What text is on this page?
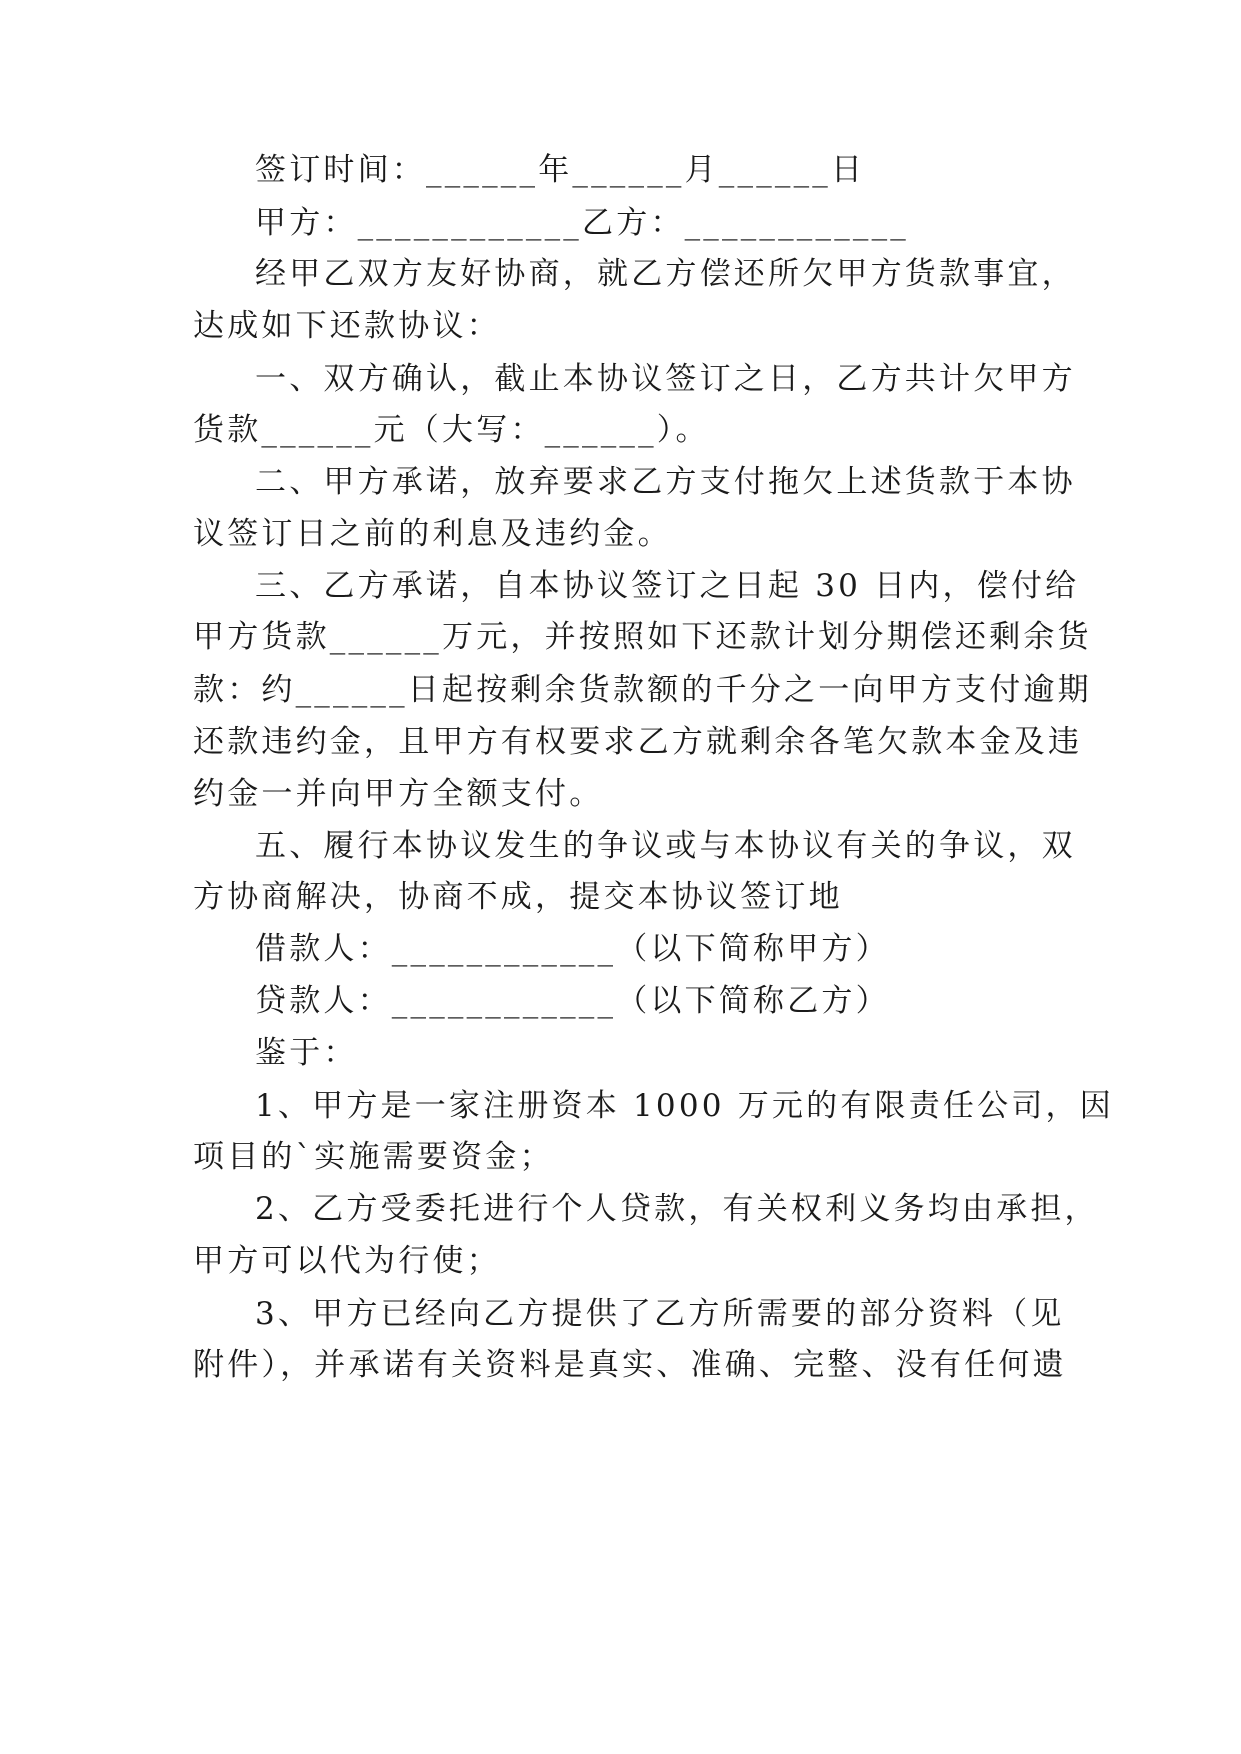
签订时间：______年______月______日
甲方：____________乙方：____________
经甲乙双方友好协商，就乙方偿还所欠甲方货款事宜，
达成如下还款协议：
一、双方确认，截止本协议签订之日，乙方共计欠甲方
货款______元（大写：______）。
二、甲方承诺，放弃要求乙方支付拖欠上述货款于本协
议签订日之前的利息及违约金。
三、乙方承诺，自本协议签订之日起 30 日内，偿付给
甲方货款______万元，并按照如下还款计划分期偿还剩余货
款：约______日起按剩余货款额的千分之一向甲方支付逾期
还款违约金，且甲方有权要求乙方就剩余各笔欠款本金及违
约金一并向甲方全额支付。
五、履行本协议发生的争议或与本协议有关的争议，双
方协商解决，协商不成，提交本协议签订地
借款人：____________（以下简称甲方）
贷款人：____________（以下简称乙方）
鉴于：
1、甲方是一家注册资本 1000 万元的有限责任公司，因
项目的`实施需要资金；
2、乙方受委托进行个人贷款，有关权利义务均由承担，
甲方可以代为行使；
3、甲方已经向乙方提供了乙方所需要的部分资料（见
附件），并承诺有关资料是真实、准确、完整、没有任何遗
